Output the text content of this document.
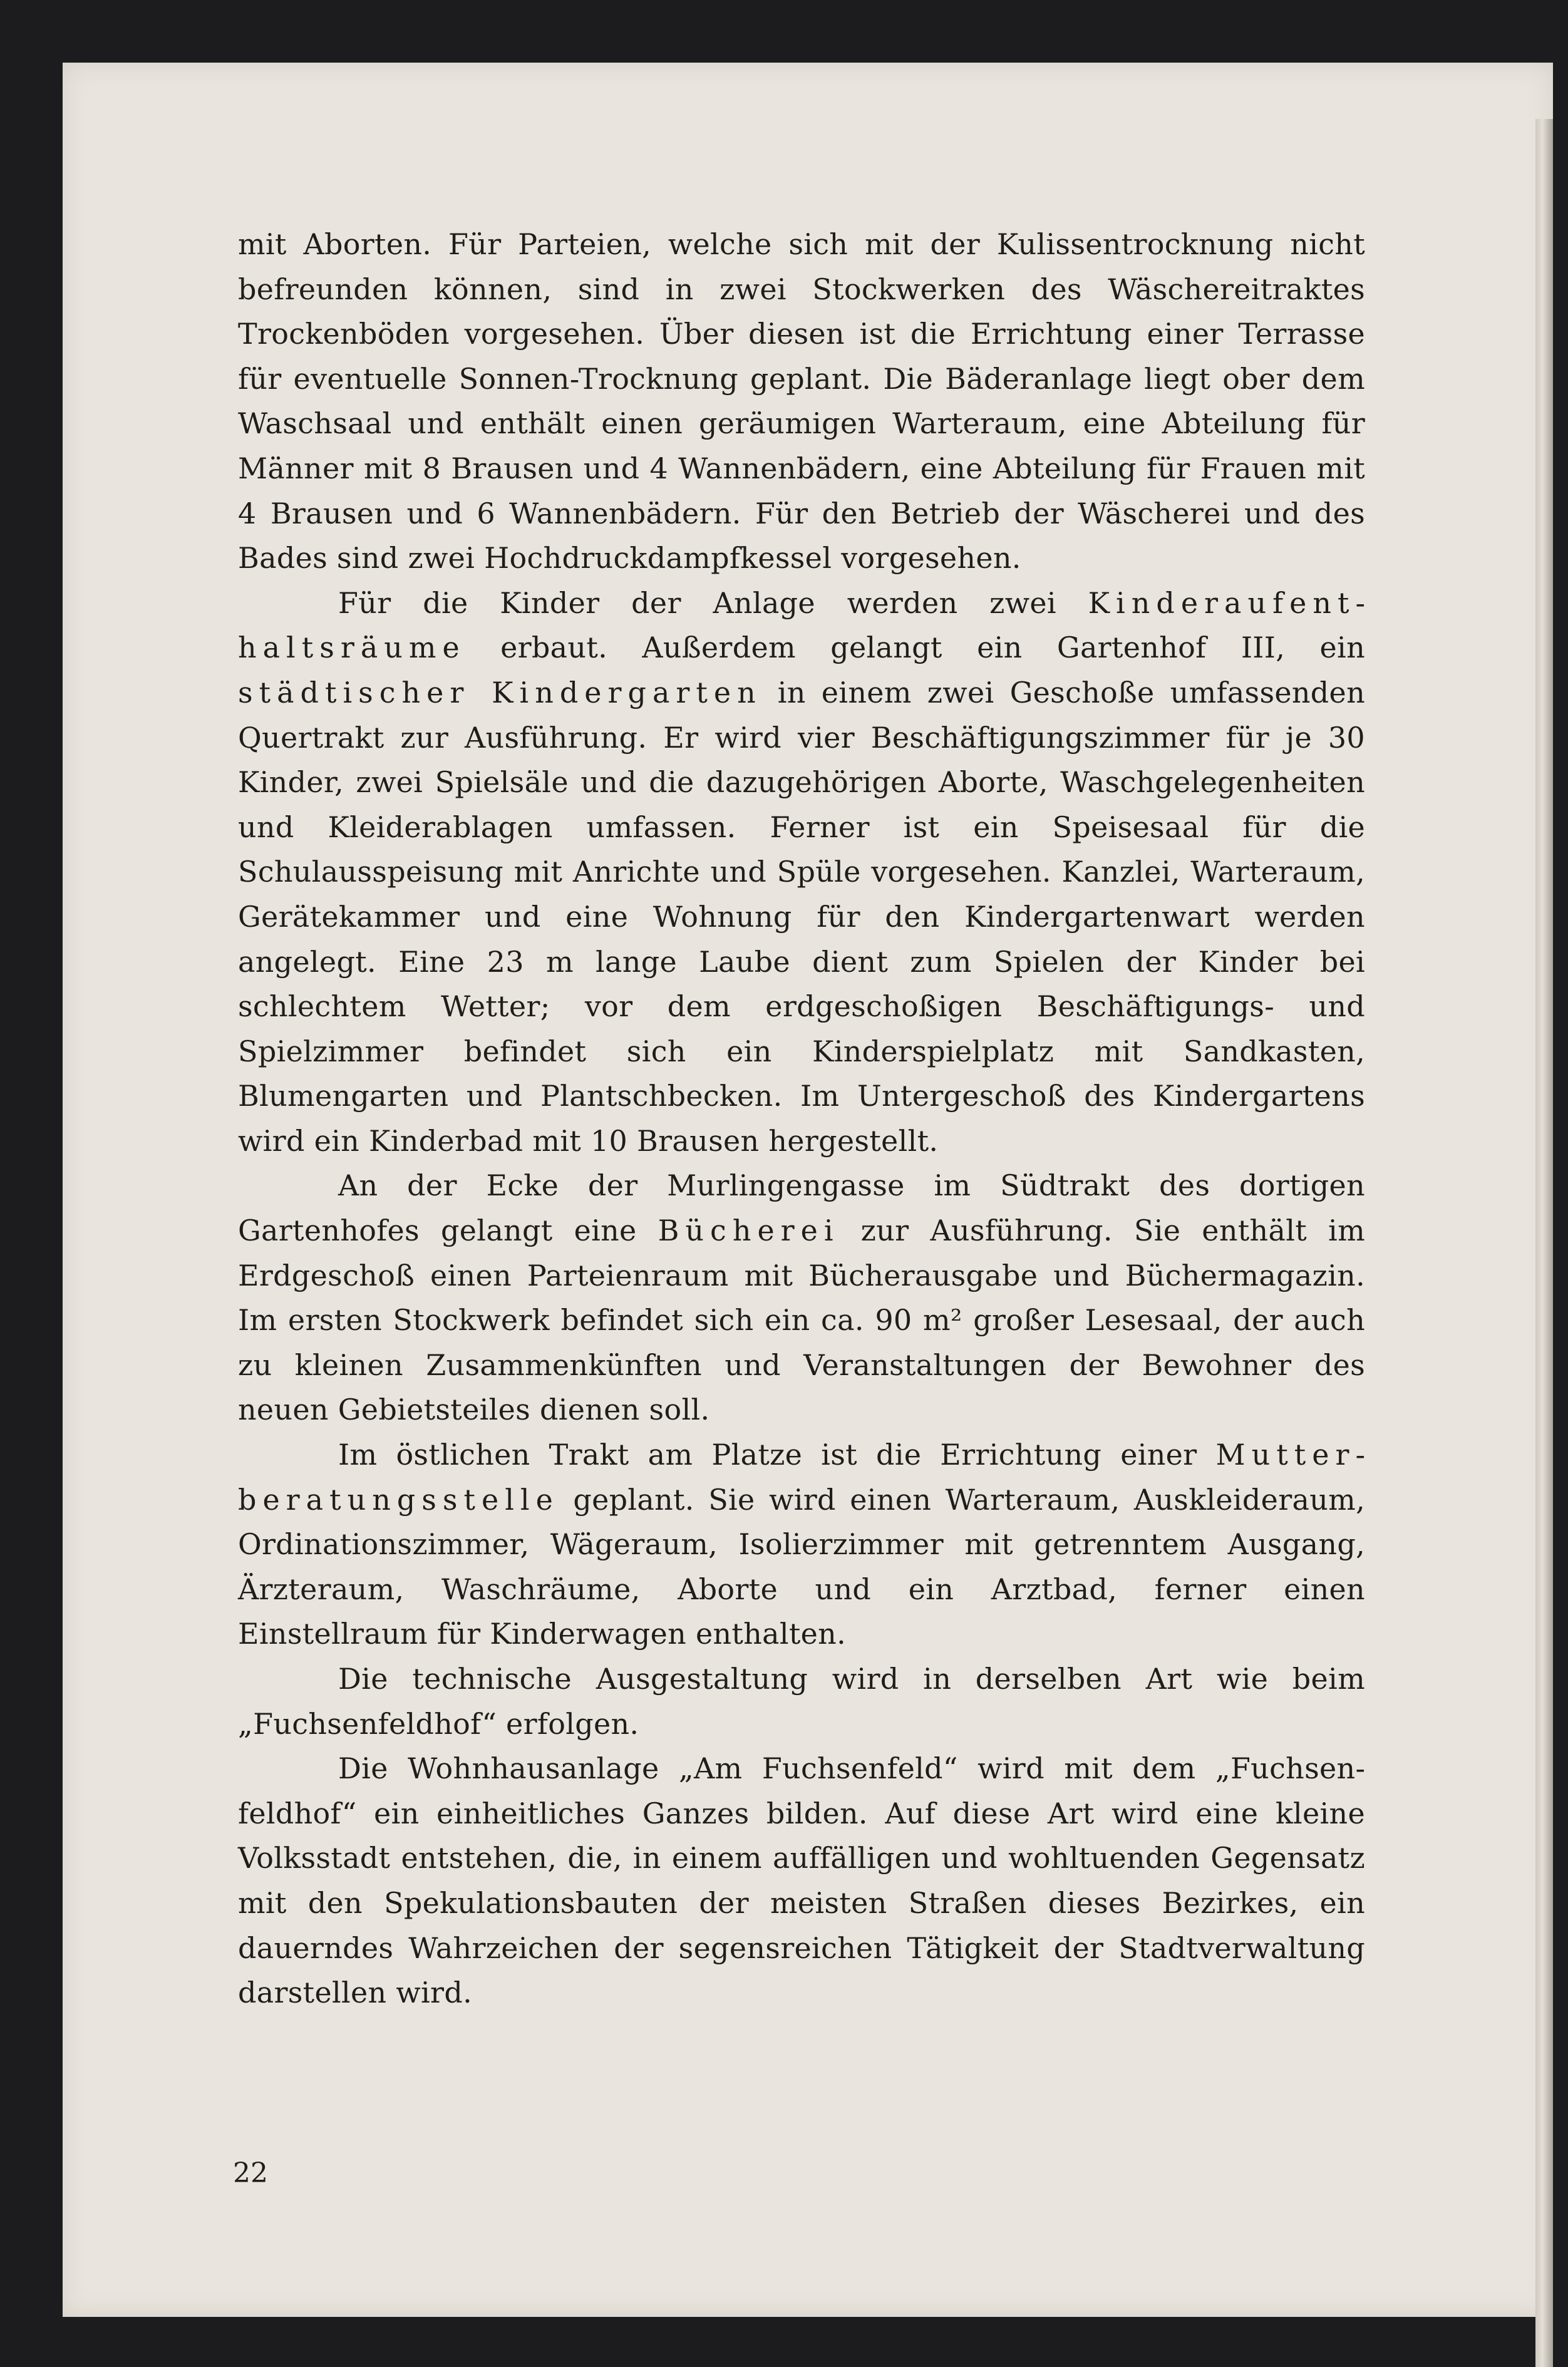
mit Aborten. Für Parteien, welche sich mit der Kulissentrocknung nicht befreunden können, sind in zwei Stockwerken des Wäschereitraktes Trockenböden vorgesehen. Über diesen ist die Errichtung einer Terrasse für eventuelle Sonnen-Trocknung geplant. Die Bäderanlage liegt ober dem Waschsaal und enthält einen geräumigen Warteraum, eine Abteilung für Männer mit 8 Brausen und 4 Wannenbädern, eine Abteilung für Frauen mit 4 Brausen und 6 Wannenbädern. Für den Betrieb der Wäscherei und des Bades sind zwei Hochdruckdampfkessel vorgesehen.

Für die Kinder der Anlage werden zwei Kinderaufenthaltsräume erbaut. Außerdem gelangt ein Gartenhof III, ein städtischer Kindergarten in einem zwei Geschoße umfassenden Quertrakt zur Ausführung. Er wird vier Beschäftigungszimmer für je 30 Kinder, zwei Spielsäle und die dazugehörigen Aborte, Waschgelegenheiten und Kleiderablagen umfassen. Ferner ist ein Speisesaal für die Schulausspeisung mit Anrichte und Spüle vorgesehen. Kanzlei, Warteraum, Gerätekammer und eine Wohnung für den Kindergartenwart werden angelegt. Eine 23 m lange Laube dient zum Spielen der Kinder bei schlechtem Wetter; vor dem erdgeschoßigen Beschäftigungs- und Spielzimmer befindet sich ein Kinderspielplatz mit Sandkasten, Blumengarten und Plantschbecken. Im Untergeschoß des Kindergartens wird ein Kinderbad mit 10 Brausen hergestellt.

An der Ecke der Murlingengasse im Südtrakt des dortigen Gartenhofes gelangt eine Bücherei zur Ausführung. Sie enthält im Erdgeschoß einen Parteienraum mit Bücherausgabe und Büchermagazin. Im ersten Stockwerk befindet sich ein ca. 90 m² großer Lesesaal, der auch zu kleinen Zusammenkünften und Veranstaltungen der Bewohner des neuen Gebietsteiles dienen soll.

Im östlichen Trakt am Platze ist die Errichtung einer Mutterberatungsstelle geplant. Sie wird einen Warteraum, Auskleideraum, Ordinationszimmer, Wägeraum, Isolierzimmer mit getrenntem Ausgang, Ärzteraum, Waschräume, Aborte und ein Arztbad, ferner einen Einstellraum für Kinderwagen enthalten.

Die technische Ausgestaltung wird in derselben Art wie beim „Fuchsenfeldhof“ erfolgen.

Die Wohnhausanlage „Am Fuchsenfeld“ wird mit dem „Fuchsenfeldhof“ ein einheitliches Ganzes bilden. Auf diese Art wird eine kleine Volksstadt entstehen, die, in einem auffälligen und wohltuenden Gegensatz mit den Spekulationsbauten der meisten Straßen dieses Bezirkes, ein dauerndes Wahrzeichen der segensreichen Tätigkeit der Stadtverwaltung darstellen wird.

22
